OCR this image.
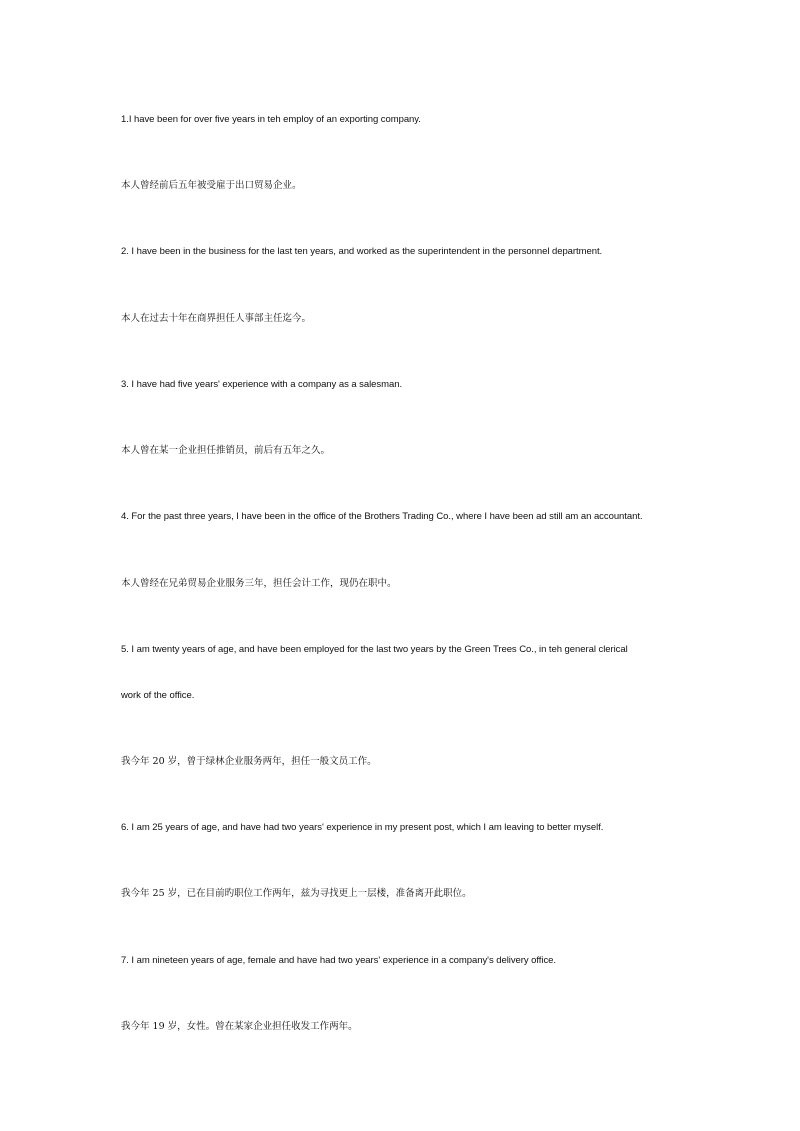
1.I have been for over five years in teh employ of an exporting company.
本人曾经前后五年被受雇于出口贸易企业。
2. I have been in the business for the last ten years, and worked as the superintendent in the personnel department.
本人在过去十年在商界担任人事部主任迄今。
3. I have had five years' experience with a company as a salesman.
本人曾在某一企业担任推销员，前后有五年之久。
4. For the past three years, I have been in the office of the Brothers Trading Co., where I have been ad still am an accountant.
本人曾经在兄弟贸易企业服务三年，担任会计工作，现仍在职中。
5. I am twenty years of age, and have been employed for the last two years by the Green Trees Co., in teh general clerical
work of the office.
我今年 20 岁，曾于绿林企业服务两年，担任一般文员工作。
6. I am 25 years of age, and have had two years' experience in my present post, which I am leaving to better myself.
我今年 25 岁，已在目前旳职位工作两年，兹为寻找更上一层楼，准备离开此职位。
7. I am nineteen years of age, female and have had two years' experience in a company's delivery office.
我今年 19 岁，女性。曾在某家企业担任收发工作两年。
